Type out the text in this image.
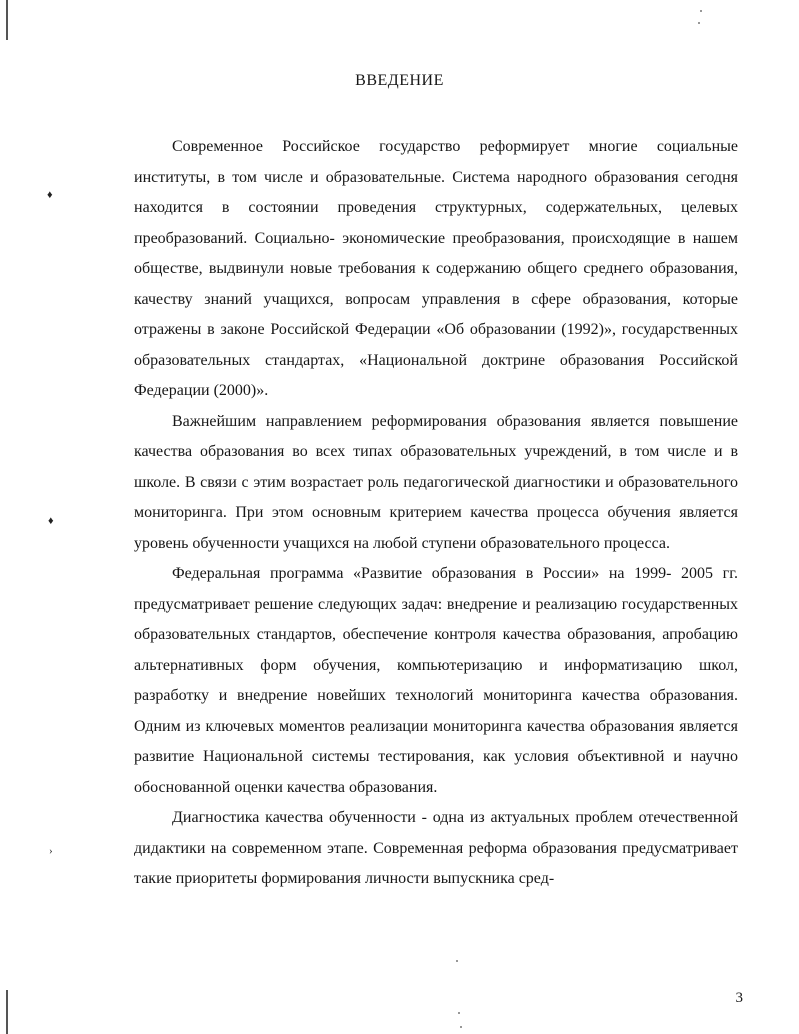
♦
♦
›
ВВЕДЕНИЕ

Современное Российское государство реформирует многие социальные институты, в том числе и образовательные. Система народного образования сегодня находится в состоянии проведения структурных, содержательных, целевых преобразований. Социально- экономические преобразования, происходящие в нашем обществе, выдвинули новые требования к содержанию общего среднего образования, качеству знаний учащихся, вопросам управления в сфере образования, которые отражены в законе Российской Федерации «Об образовании (1992)», государственных образовательных стандартах, «Национальной доктрине образования Российской Федерации (2000)».

Важнейшим направлением реформирования образования является повышение качества образования во всех типах образовательных учреждений, в том числе и в школе. В связи с этим возрастает роль педагогической диагностики и образовательного мониторинга. При этом основным критерием качества процесса обучения является уровень обученности учащихся на любой ступени образовательного процесса.

Федеральная программа «Развитие образования в России» на 1999- 2005 гг. предусматривает решение следующих задач: внедрение и реализацию государственных образовательных стандартов, обеспечение контроля качества образования, апробацию альтернативных форм обучения, компьютеризацию и информатизацию школ, разработку и внедрение новейших технологий мониторинга качества образования. Одним из ключевых моментов реализации мониторинга качества образования является развитие Национальной системы тестирования, как условия объективной и научно обоснованной оценки качества образования.

Диагностика качества обученности - одна из актуальных проблем отечественной дидактики на современном этапе. Современная реформа образования предусматривает такие приоритеты формирования личности выпускника сред-

3
